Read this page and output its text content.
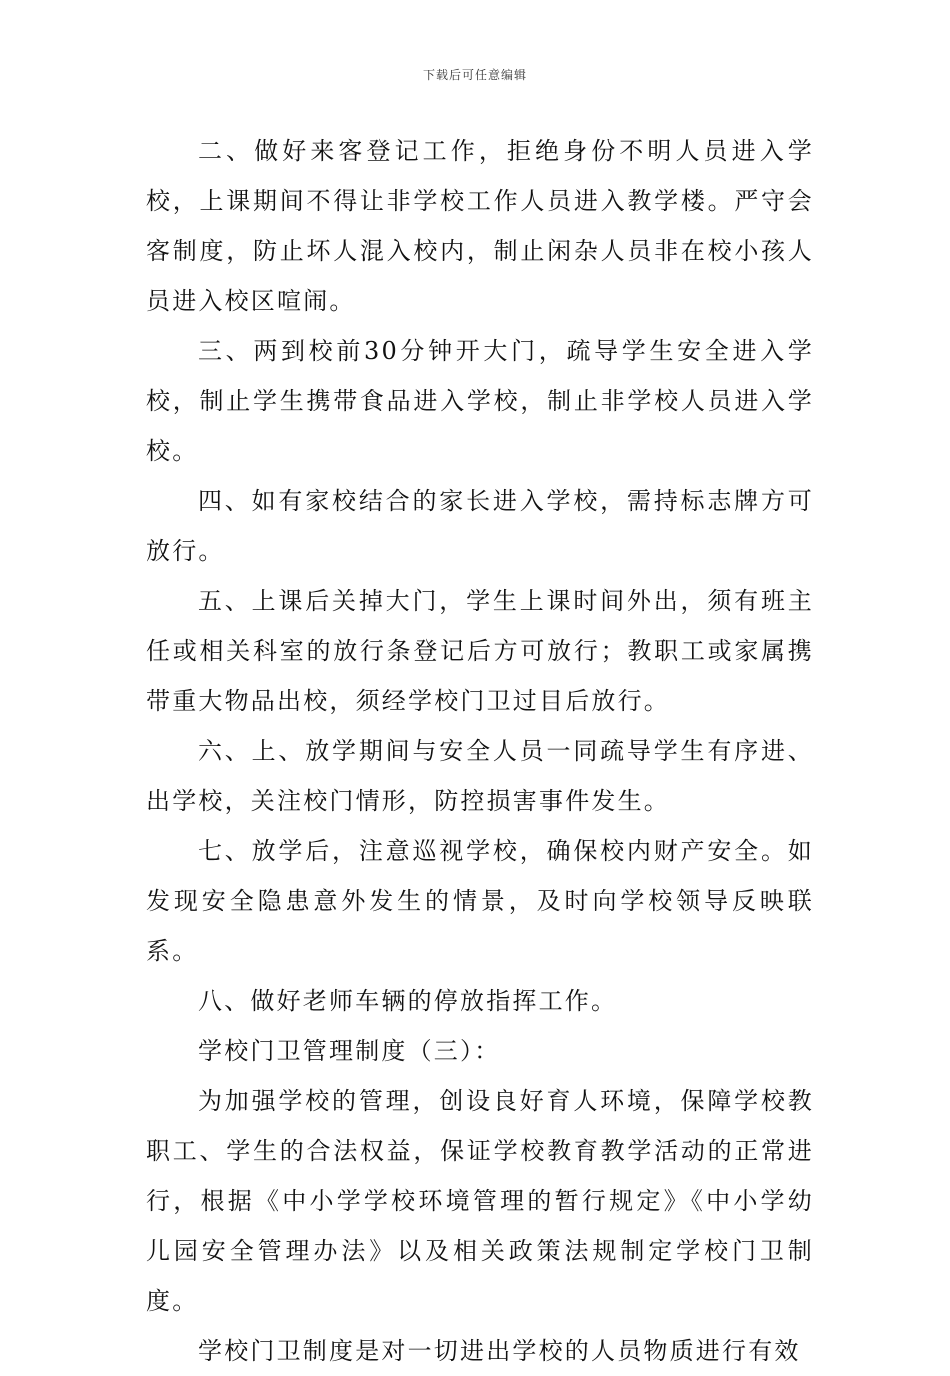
下载后可任意编辑

二、做好来客登记工作，拒绝身份不明人员进入学校，上课期间不得让非学校工作人员进入教学楼。严守会客制度，防止坏人混入校内，制止闲杂人员非在校小孩人员进入校区喧闹。

三、两到校前30分钟开大门，疏导学生安全进入学校，制止学生携带食品进入学校，制止非学校人员进入学校。

四、如有家校结合的家长进入学校，需持标志牌方可放行。

五、上课后关掉大门，学生上课时间外出，须有班主任或相关科室的放行条登记后方可放行；教职工或家属携带重大物品出校，须经学校门卫过目后放行。

六、上、放学期间与安全人员一同疏导学生有序进、出学校，关注校门情形，防控损害事件发生。

七、放学后，注意巡视学校，确保校内财产安全。如发现安全隐患意外发生的情景，及时向学校领导反映联系。

八、做好老师车辆的停放指挥工作。

学校门卫管理制度（三）：

为加强学校的管理，创设良好育人环境，保障学校教职工、学生的合法权益，保证学校教育教学活动的正常进行，根据《中小学学校环境管理的暂行规定》《中小学幼儿园安全管理办法》以及相关政策法规制定学校门卫制度。

学校门卫制度是对一切进出学校的人员物质进行有效
